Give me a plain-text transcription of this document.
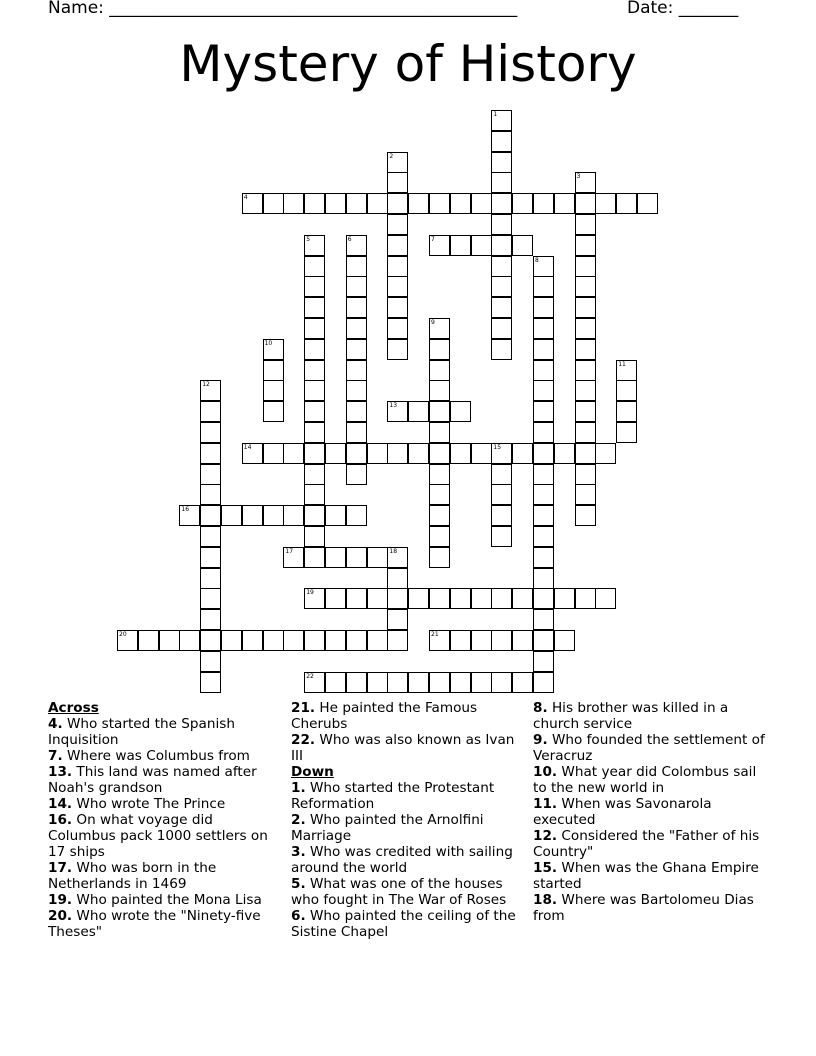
Name: ________________________________________________	Date: _______
Mystery of History
1
2
3
4
5	6	7
8
9
10
11
12
13
14	15
16
17	18
19
20	21
22
Across
4. Who started the Spanish Inquisition
7. Where was Columbus from
13. This land was named after Noah's grandson
14. Who wrote The Prince
16. On what voyage did Columbus pack 1000 settlers on 17 ships
17. Who was born in the Netherlands in 1469
19. Who painted the Mona Lisa
20. Who wrote the "Ninety-five Theses"
21. He painted the Famous Cherubs
22. Who was also known as Ivan III
Down
1. Who started the Protestant Reformation
2. Who painted the Arnolfini Marriage
3. Who was credited with sailing around the world
5. What was one of the houses who fought in The War of Roses
6. Who painted the ceiling of the Sistine Chapel
8. His brother was killed in a church service
9. Who founded the settlement of Veracruz
10. What year did Colombus sail to the new world in
11. When was Savonarola executed
12. Considered the "Father of his Country"
15. When was the Ghana Empire started
18. Where was Bartolomeu Dias from
